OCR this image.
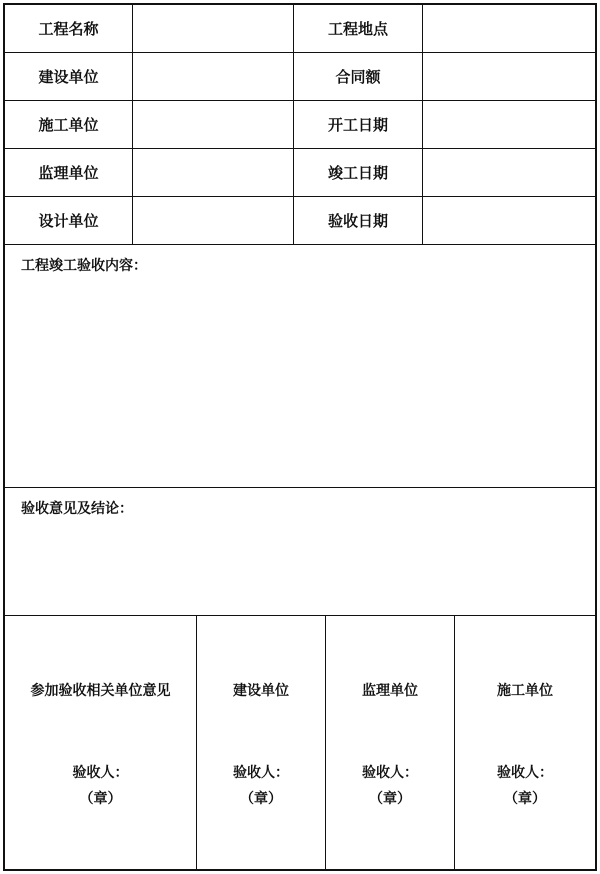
工程名称	工程地点
建设单位	合同额
施工单位	开工日期
监理单位	竣工日期
设计单位	验收日期
工程竣工验收内容：
验收意见及结论：
参加验收相关单位意见
验收人：
（章）
建设单位
验收人：
（章）
监理单位
验收人：
（章）
施工单位
验收人：
（章）
